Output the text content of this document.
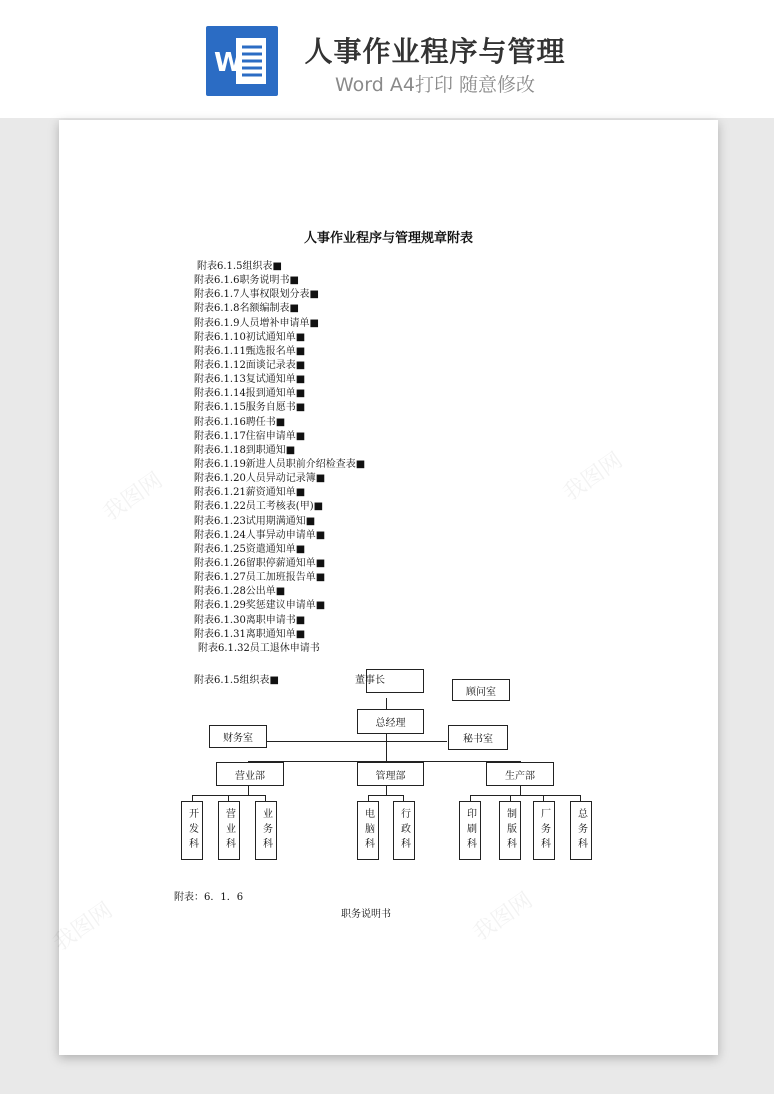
W	人事作业程序与管理
Word A4打印 随意修改
我图网	我图网
我图网
我图网
人事作业程序与管理规章附表
附表6.1.5组织表■
附表6.1.6职务说明书■
附表6.1.7人事权限划分表■
附表6.1.8名额编制表■
附表6.1.9人员增补申请单■
附表6.1.10初试通知单■
附表6.1.11甄选报名单■
附表6.1.12面谈记录表■
附表6.1.13复试通知单■
附表6.1.14报到通知单■
附表6.1.15服务自愿书■
附表6.1.16聘任书■
附表6.1.17住宿申请单■
附表6.1.18到职通知■
附表6.1.19新进人员职前介绍检查表■
附表6.1.20人员异动记录簿■
附表6.1.21薪资通知单■
附表6.1.22员工考核表(甲)■
附表6.1.23试用期满通知■
附表6.1.24人事异动申请单■
附表6.1.25资遣通知单■
附表6.1.26留职停薪通知单■
附表6.1.27员工加班报告单■
附表6.1.28公出单■
附表6.1.29奖惩建议申请单■
附表6.1.30离职申请书■
附表6.1.31离职通知单■
附表6.1.32员工退休申请书
附表6.1.5组织表■	董事长
顾问室
总经理
财务室	秘书室
营业部	管理部	生产部
开发科	营业科	业务科	电脑科	行政科	印刷科	制版科	厂务科	总务科
附表：6．1．6
职务说明书
